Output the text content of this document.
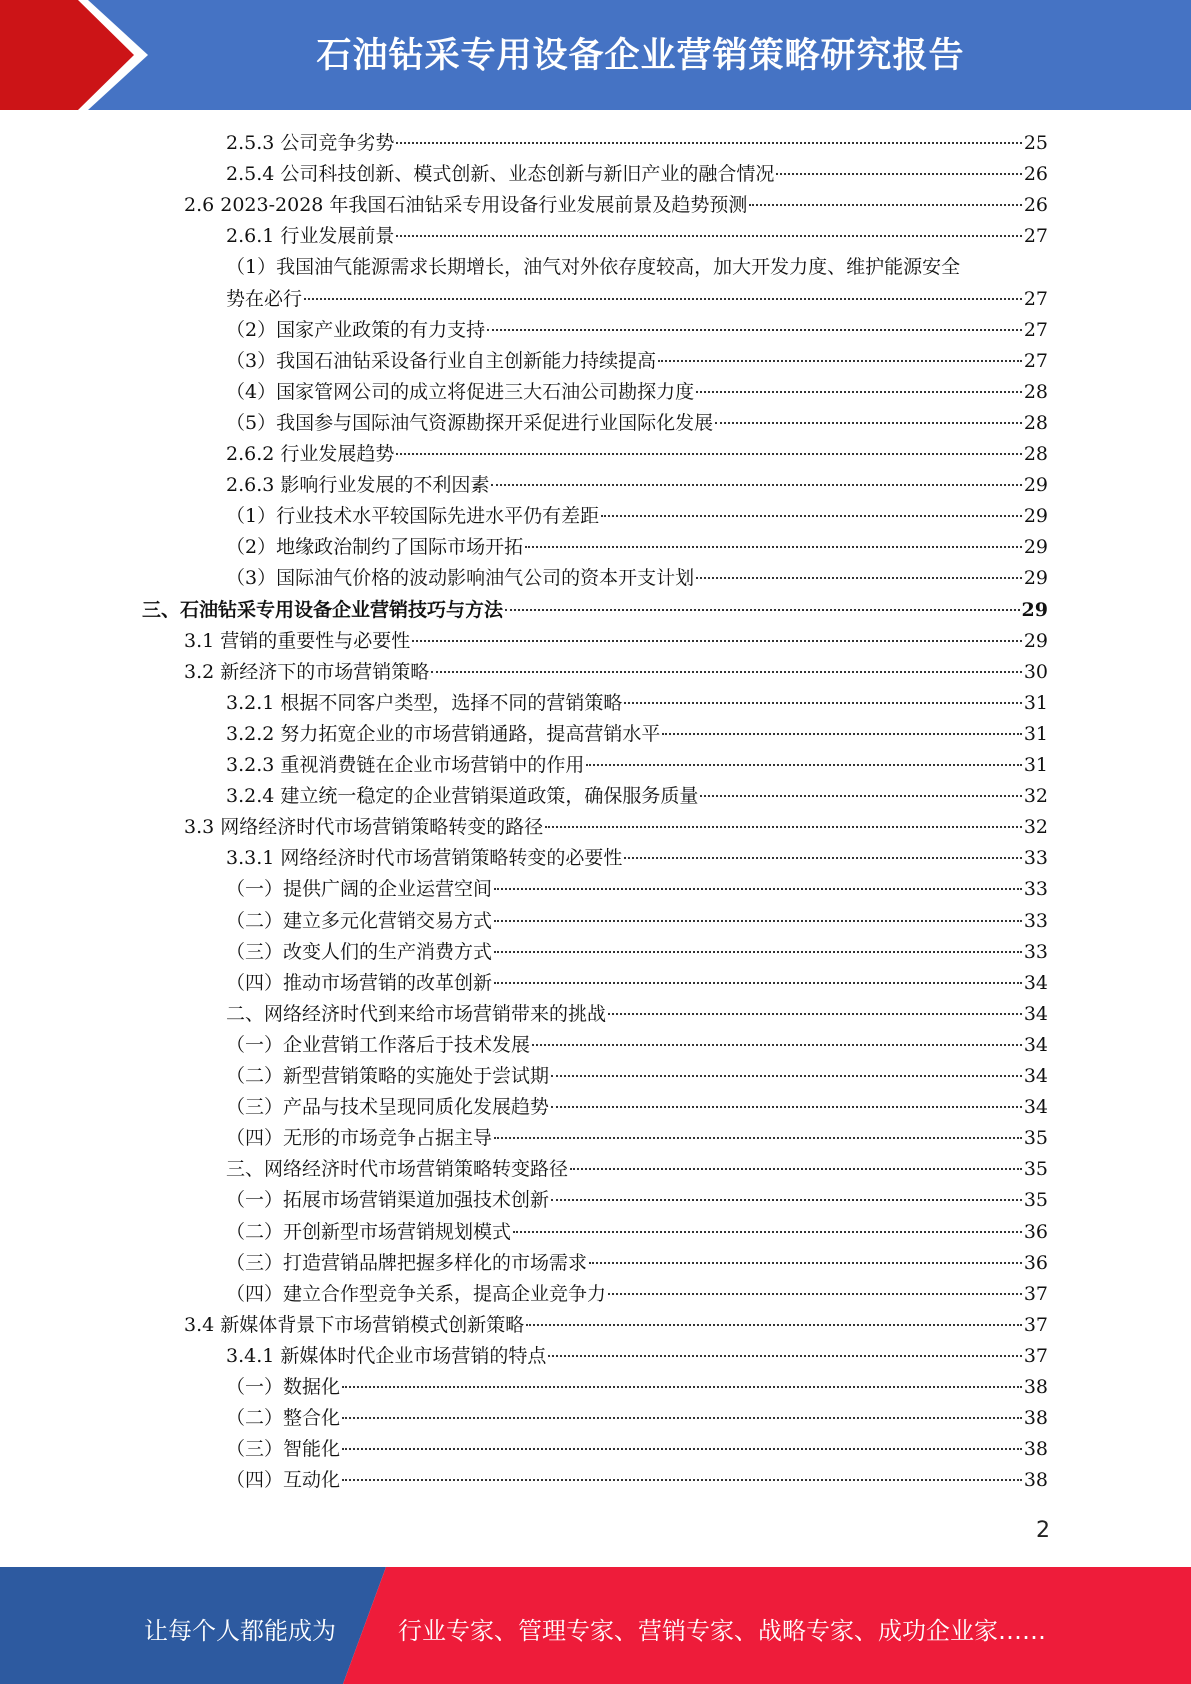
石油钻采专用设备企业营销策略研究报告
2.5.3 公司竞争劣势	25
2.5.4 公司科技创新、模式创新、业态创新与新旧产业的融合情况	26
2.6 2023-2028 年我国石油钻采专用设备行业发展前景及趋势预测	26
2.6.1 行业发展前景	27
（1）我国油气能源需求长期增长，油气对外依存度较高，加大开发力度、维护能源安全
势在必行	27
（2）国家产业政策的有力支持	27
（3）我国石油钻采设备行业自主创新能力持续提高	27
（4）国家管网公司的成立将促进三大石油公司勘探力度	28
（5）我国参与国际油气资源勘探开采促进行业国际化发展	28
2.6.2 行业发展趋势	28
2.6.3 影响行业发展的不利因素	29
（1）行业技术水平较国际先进水平仍有差距	29
（2）地缘政治制约了国际市场开拓	29
（3）国际油气价格的波动影响油气公司的资本开支计划	29
三、石油钻采专用设备企业营销技巧与方法	29
3.1 营销的重要性与必要性	29
3.2 新经济下的市场营销策略	30
3.2.1 根据不同客户类型，选择不同的营销策略	31
3.2.2 努力拓宽企业的市场营销通路，提高营销水平	31
3.2.3 重视消费链在企业市场营销中的作用	31
3.2.4 建立统一稳定的企业营销渠道政策，确保服务质量	32
3.3 网络经济时代市场营销策略转变的路径	32
3.3.1 网络经济时代市场营销策略转变的必要性	33
（一）提供广阔的企业运营空间	33
（二）建立多元化营销交易方式	33
（三）改变人们的生产消费方式	33
（四）推动市场营销的改革创新	34
二、网络经济时代到来给市场营销带来的挑战	34
（一）企业营销工作落后于技术发展	34
（二）新型营销策略的实施处于尝试期	34
（三）产品与技术呈现同质化发展趋势	34
（四）无形的市场竞争占据主导	35
三、网络经济时代市场营销策略转变路径	35
（一）拓展市场营销渠道加强技术创新	35
（二）开创新型市场营销规划模式	36
（三）打造营销品牌把握多样化的市场需求	36
（四）建立合作型竞争关系，提高企业竞争力	37
3.4 新媒体背景下市场营销模式创新策略	37
3.4.1 新媒体时代企业市场营销的特点	37
（一）数据化	38
（二）整合化	38
（三）智能化	38
（四）互动化	38
2
让每个人都能成为	行业专家、管理专家、营销专家、战略专家、成功企业家……
